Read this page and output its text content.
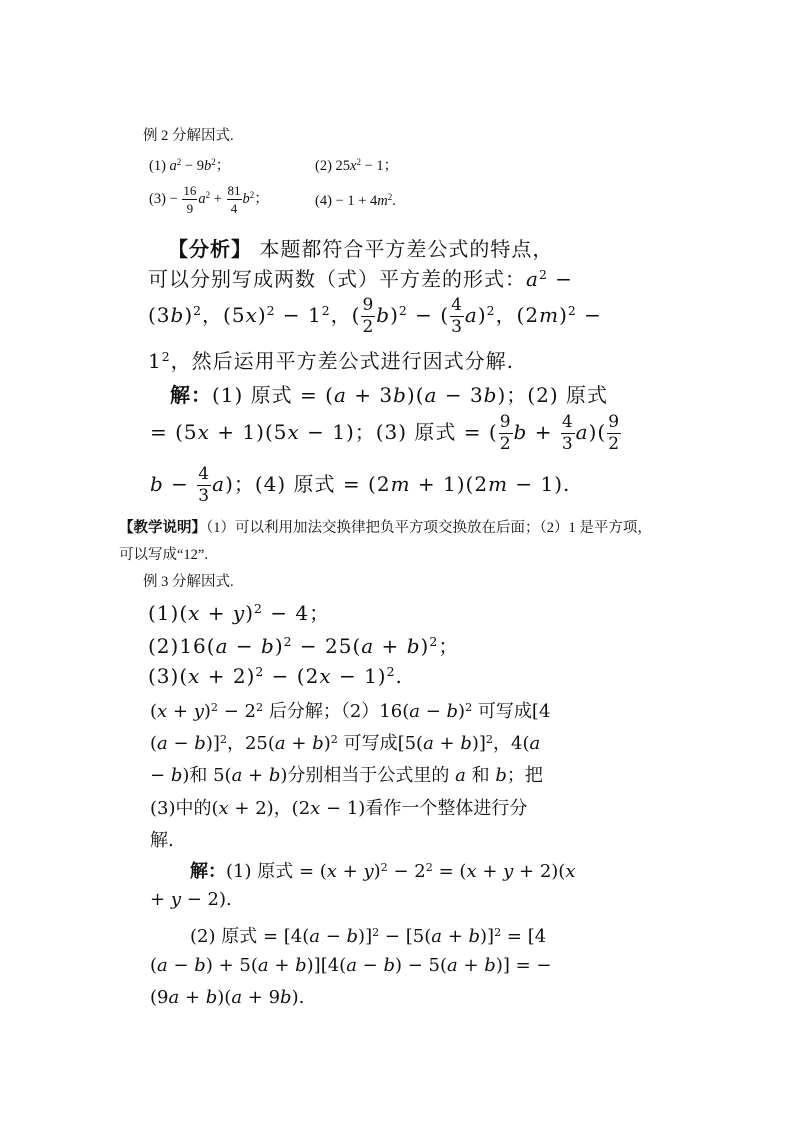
例 2 分解因式.
(1) $a^2 - 9b^2$；	(2) $25x^2 - 1$；
$(3) - \frac{16}{9} a^2 + \frac{81}{4} b^2$；	$(4) - 1 + 4m^2$.
【分析】 本题都符合平方差公式的特点，
可以分别写成两数（式）平方差的形式：$a^2$ −
$(3b)^2$，$(5x)^2 - 1^2$，( $\frac{9}{2} b)^2$ − ( $\frac{4}{3} a)^2$，$(2m)^2$ −
$1^2$，然后运用平方差公式进行因式分解.
解：(1) 原式 = (a + 3b)(a − 3b)；(2) 原式
= (5x + 1)(5x − 1)；(3) 原式 = ( $\frac{9}{2}$ $b + \frac{4}{3} a)( \frac{9}{2}$
$b - \frac{4}{3} a$)；(4) 原式 = (2m + 1)(2m − 1).
【教学说明】（1）可以利用加法交换律把负平方项交换放在后面；（2）1 是平方项，
可以写成“12”.
例 3 分解因式.
$(1)(x + y)^2 - 4$；
$(2)16(a - b)^2 - 25(a + b)^2$；
$(3)(x + 2)^2 - (2x - 1)^2$.
$(x + y)^2 - 2^2$ 后分解；$(2)16(a - b)^2$ 可写成[4
(a − b)]$^2$，$25(a + b)^2$ 可写成$[5(a + b)]^2$，4(a
− b)和 5(a + b)分别相当于公式里的 a 和 b；把
(3)中的(x + 2)，(2x − 1)看作一个整体进行分
解.
解：(1) 原式 = $(x + y)^2 - 2^2 = (x + y + 2)(x$
+ y − 2).
(2) 原式 = $[4(a - b)]^2 - [5(a + b)]^2 = [4$
(a − b) + 5(a + b)][4(a − b) − 5(a + b)] = −
(9a + b)(a + 9b).
